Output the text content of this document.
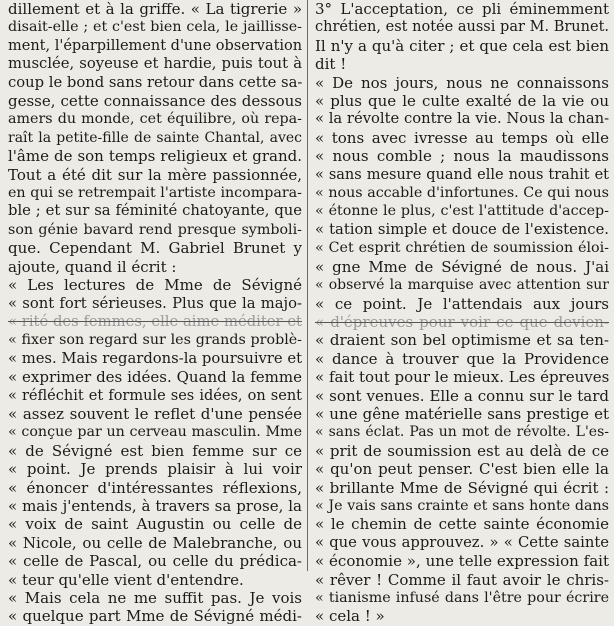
dillement et à la griffe. « La tigrerie »
disait-elle ; et c'est bien cela, le jaillisse-
ment, l'éparpillement d'une observation
musclée, soyeuse et hardie, puis tout à
coup le bond sans retour dans cette sa-
gesse, cette connaissance des dessous
amers du monde, cet équilibre, où repa-
raît la petite-fille de sainte Chantal, avec
l'âme de son temps religieux et grand.
Tout a été dit sur la mère passionnée,
en qui se retrempait l'artiste incompara-
ble ; et sur sa féminité chatoyante, que
son génie bavard rend presque symboli-
que. Cependant M. Gabriel Brunet y
ajoute, quand il écrit :
« Les lectures de Mme de Sévigné
« sont fort sérieuses. Plus que la majo-
« rité des femmes, elle aime méditer et
« fixer son regard sur les grands problè-
« mes. Mais regardons-la poursuivre et
« exprimer des idées. Quand la femme
« réfléchit et formule ses idées, on sent
« assez souvent le reflet d'une pensée
« conçue par un cerveau masculin. Mme
« de Sévigné est bien femme sur ce
« point. Je prends plaisir à lui voir
« énoncer d'intéressantes réflexions,
« mais j'entends, à travers sa prose, la
« voix de saint Augustin ou celle de
« Nicole, ou celle de Malebranche, ou
« celle de Pascal, ou celle du prédica-
« teur qu'elle vient d'entendre.
« Mais cela ne me suffit pas. Je vois
« quelque part Mme de Sévigné médi-
3° L'acceptation, ce pli éminemment
chrétien, est notée aussi par M. Brunet.
Il n'y a qu'à citer ; et que cela est bien
dit !
« De nos jours, nous ne connaissons
« plus que le culte exalté de la vie ou
« la révolte contre la vie. Nous la chan-
« tons avec ivresse au temps où elle
« nous comble ; nous la maudissons
« sans mesure quand elle nous trahit et
« nous accable d'infortunes. Ce qui nous
« étonne le plus, c'est l'attitude d'accep-
« tation simple et douce de l'existence.
« Cet esprit chrétien de soumission éloi-
« gne Mme de Sévigné de nous. J'ai
« observé la marquise avec attention sur
« ce point. Je l'attendais aux jours
« d'épreuves pour voir ce que devien-
« draient son bel optimisme et sa ten-
« dance à trouver que la Providence
« fait tout pour le mieux. Les épreuves
« sont venues. Elle a connu sur le tard
« une gêne matérielle sans prestige et
« sans éclat. Pas un mot de révolte. L'es-
« prit de soumission est au delà de ce
« qu'on peut penser. C'est bien elle la
« brillante Mme de Sévigné qui écrit :
« Je vais sans crainte et sans honte dans
« le chemin de cette sainte économie
« que vous approuvez. » « Cette sainte
« économie », une telle expression fait
« rêver ! Comme il faut avoir le chris-
« tianisme infusé dans l'être pour écrire
« cela ! »
